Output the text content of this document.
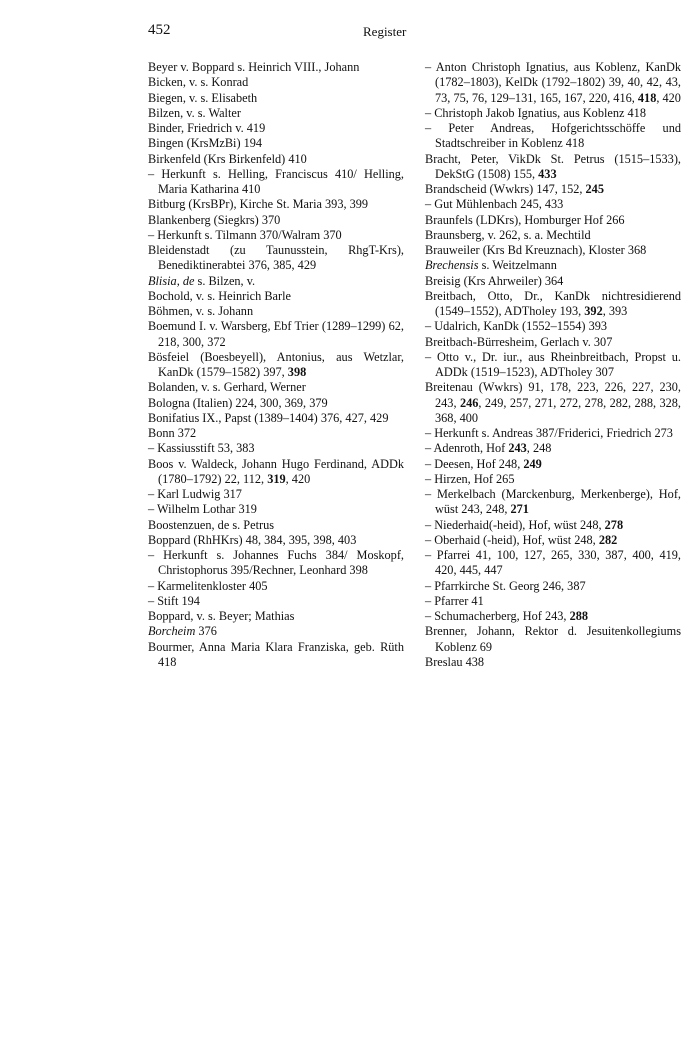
452	Register
Beyer v. Boppard s. Heinrich VIII., Johann
Bicken, v. s. Konrad
Biegen, v. s. Elisabeth
Bilzen, v. s. Walter
Binder, Friedrich v. 419
Bingen (KrsMzBi) 194
Birkenfeld (Krs Birkenfeld) 410
– Herkunft s. Helling, Franciscus 410/ Helling, Maria Katharina 410
Bitburg (KrsBPr), Kirche St. Maria 393, 399
Blankenberg (Siegkrs) 370
– Herkunft s. Tilmann 370/Walram 370
Bleidenstadt (zu Taunusstein, RhgT-Krs), Benediktinerabtei 376, 385, 429
Blisia, de s. Bilzen, v.
Bochold, v. s. Heinrich Barle
Böhmen, v. s. Johann
Boemund I. v. Warsberg, Ebf Trier (1289–1299) 62, 218, 300, 372
Bösfeiel (Boesbeyell), Antonius, aus Wetzlar, KanDk (1579–1582) 397, 398
Bolanden, v. s. Gerhard, Werner
Bologna (Italien) 224, 300, 369, 379
Bonifatius IX., Papst (1389–1404) 376, 427, 429
Bonn 372
– Kassiusstift 53, 383
Boos v. Waldeck, Johann Hugo Ferdinand, ADDk (1780–1792) 22, 112, 319, 420
– Karl Ludwig 317
– Wilhelm Lothar 319
Boostenzuen, de s. Petrus
Boppard (RhHKrs) 48, 384, 395, 398, 403
– Herkunft s. Johannes Fuchs 384/ Moskopf, Christophorus 395/Rechner, Leonhard 398
– Karmelitenkloster 405
– Stift 194
Boppard, v. s. Beyer; Mathias
Borcheim 376
Bourmer, Anna Maria Klara Franziska, geb. Rüth 418
– Anton Christoph Ignatius, aus Koblenz, KanDk (1782–1803), KelDk (1792–1802) 39, 40, 42, 43, 73, 75, 76, 129–131, 165, 167, 220, 416, 418, 420
– Christoph Jakob Ignatius, aus Koblenz 418
– Peter Andreas, Hofgerichtsschöffe und Stadtschreiber in Koblenz 418
Bracht, Peter, VikDk St. Petrus (1515–1533), DekStG (1508) 155, 433
Brandscheid (Wwkrs) 147, 152, 245
– Gut Mühlenbach 245, 433
Braunfels (LDKrs), Homburger Hof 266
Braunsberg, v. 262, s. a. Mechtild
Brauweiler (Krs Bd Kreuznach), Kloster 368
Brechensis s. Weitzelmann
Breisig (Krs Ahrweiler) 364
Breitbach, Otto, Dr., KanDk nichtresidierend (1549–1552), ADTholey 193, 392, 393
– Udalrich, KanDk (1552–1554) 393
Breitbach-Bürresheim, Gerlach v. 307
– Otto v., Dr. iur., aus Rheinbreitbach, Propst u. ADDk (1519–1523), ADTholey 307
Breitenau (Wwkrs) 91, 178, 223, 226, 227, 230, 243, 246, 249, 257, 271, 272, 278, 282, 288, 328, 368, 400
– Herkunft s. Andreas 387/Friderici, Friedrich 273
– Adenroth, Hof 243, 248
– Deesen, Hof 248, 249
– Hirzen, Hof 265
– Merkelbach (Marckenburg, Merkenberge), Hof, wüst 243, 248, 271
– Niederhaid(-heid), Hof, wüst 248, 278
– Oberhaid (-heid), Hof, wüst 248, 282
– Pfarrei 41, 100, 127, 265, 330, 387, 400, 419, 420, 445, 447
– Pfarrkirche St. Georg 246, 387
– Pfarrer 41
– Schumacherberg, Hof 243, 288
Brenner, Johann, Rektor d. Jesuitenkollegiums Koblenz 69
Breslau 438
